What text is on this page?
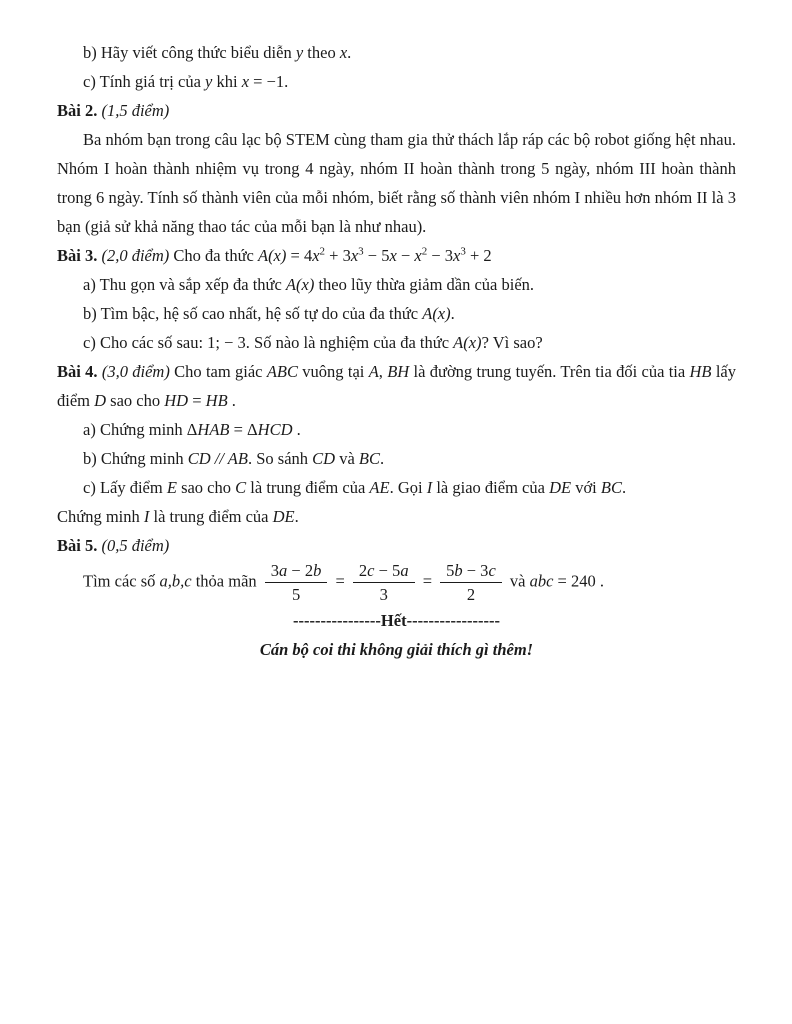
b) Hãy viết công thức biểu diễn y theo x.

c) Tính giá trị của y khi x = −1.

Bài 2. (1,5 điểm)

Ba nhóm bạn trong câu lạc bộ STEM cùng tham gia thử thách lắp ráp các bộ robot giống hệt nhau. Nhóm I hoàn thành nhiệm vụ trong 4 ngày, nhóm II hoàn thành trong 5 ngày, nhóm III hoàn thành trong 6 ngày. Tính số thành viên của mỗi nhóm, biết rằng số thành viên nhóm I nhiều hơn nhóm II là 3 bạn (giả sử khả năng thao tác của mỗi bạn là như nhau).

Bài 3. (2,0 điểm) Cho đa thức $A(x) = 4x^2 + 3x^3 - 5x - x^2 - 3x^3 + 2$

a) Thu gọn và sắp xếp đa thức A(x) theo lũy thừa giảm dần của biến.

b) Tìm bậc, hệ số cao nhất, hệ số tự do của đa thức A(x).

c) Cho các số sau: 1; − 3. Số nào là nghiệm của đa thức A(x)? Vì sao?

Bài 4. (3,0 điểm) Cho tam giác ABC vuông tại A, BH là đường trung tuyến. Trên tia đối của tia HB lấy điểm D sao cho HD = HB .

a) Chứng minh ΔHAB = ΔHCD .

b) Chứng minh CD // AB. So sánh CD và BC.

c) Lấy điểm E sao cho C là trung điểm của AE. Gọi I là giao điểm của DE với BC.

Chứng minh I là trung điểm của DE.

Bài 5. (0,5 điểm)

Tìm các số a,b,c thỏa mãn $\frac{3a - 2b}{5} = \frac{2c - 5a}{3} = \frac{5b - 3c}{2}$ và abc = 240 .

----------------Hết-----------------

Cán bộ coi thi không giải thích gì thêm!
